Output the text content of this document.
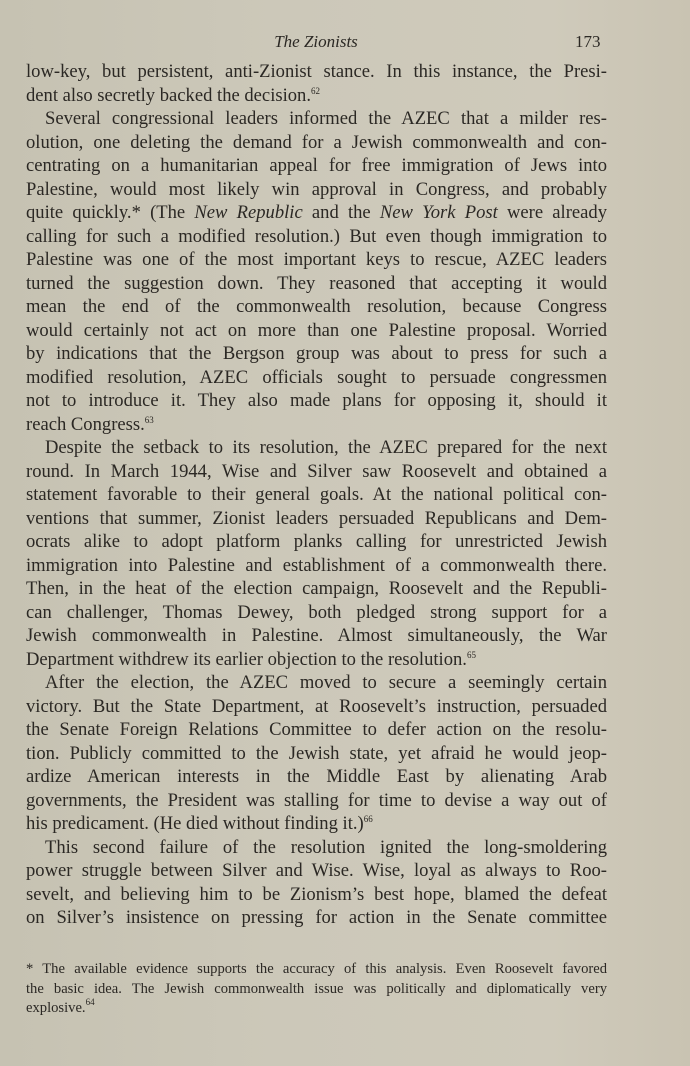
The Zionists	173
low-key, but persistent, anti-Zionist stance. In this instance, the Presi-
dent also secretly backed the decision.$^{62}$
Several congressional leaders informed the AZEC that a milder res-
olution, one deleting the demand for a Jewish commonwealth and con-
centrating on a humanitarian appeal for free immigration of Jews into
Palestine, would most likely win approval in Congress, and probably
quite quickly.* (The New Republic and the New York Post were already
calling for such a modified resolution.) But even though immigration to
Palestine was one of the most important keys to rescue, AZEC leaders
turned the suggestion down. They reasoned that accepting it would
mean the end of the commonwealth resolution, because Congress
would certainly not act on more than one Palestine proposal. Worried
by indications that the Bergson group was about to press for such a
modified resolution, AZEC officials sought to persuade congressmen
not to introduce it. They also made plans for opposing it, should it
reach Congress.$^{63}$
Despite the setback to its resolution, the AZEC prepared for the next
round. In March 1944, Wise and Silver saw Roosevelt and obtained a
statement favorable to their general goals. At the national political con-
ventions that summer, Zionist leaders persuaded Republicans and Dem-
ocrats alike to adopt platform planks calling for unrestricted Jewish
immigration into Palestine and establishment of a commonwealth there.
Then, in the heat of the election campaign, Roosevelt and the Republi-
can challenger, Thomas Dewey, both pledged strong support for a
Jewish commonwealth in Palestine. Almost simultaneously, the War
Department withdrew its earlier objection to the resolution.$^{65}$
After the election, the AZEC moved to secure a seemingly certain
victory. But the State Department, at Roosevelt’s instruction, persuaded
the Senate Foreign Relations Committee to defer action on the resolu-
tion. Publicly committed to the Jewish state, yet afraid he would jeop-
ardize American interests in the Middle East by alienating Arab
governments, the President was stalling for time to devise a way out of
his predicament. (He died without finding it.)$^{66}$
This second failure of the resolution ignited the long-smoldering
power struggle between Silver and Wise. Wise, loyal as always to Roo-
sevelt, and believing him to be Zionism’s best hope, blamed the defeat
on Silver’s insistence on pressing for action in the Senate committee
* The available evidence supports the accuracy of this analysis. Even Roosevelt favored
the basic idea. The Jewish commonwealth issue was politically and diplomatically very
explosive.$^{64}$
